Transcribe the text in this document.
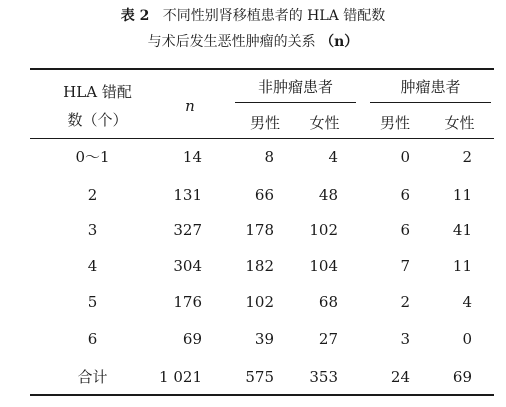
表 2 不同性别肾移植患者的 HLA 错配数
与术后发生恶性肿瘤的关系 （n）
HLA 错配
数（个）
n
非肿瘤患者	肿瘤患者
男性	女性	男性	女性
0～1	14	8	4	0	2
2	131	66	48	6	11
3	327	178	102	6	41
4	304	182	104	7	11
5	176	102	68	2	4
6	69	39	27	3	0
合计	1 021	575	353	24	69
